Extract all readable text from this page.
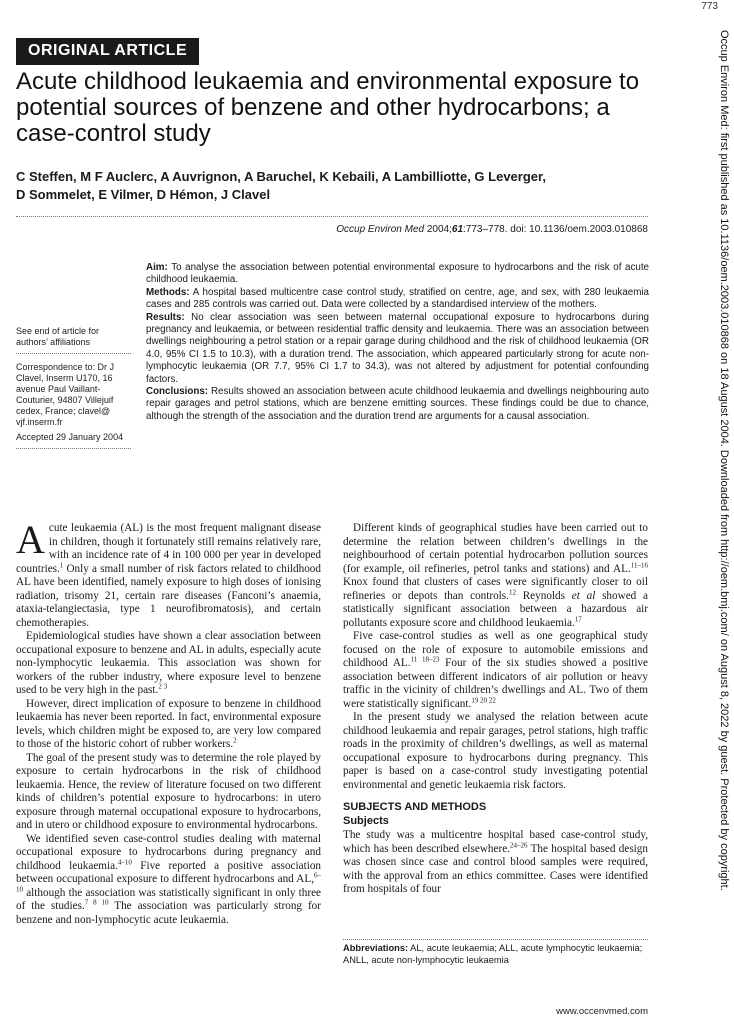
773
ORIGINAL ARTICLE
Acute childhood leukaemia and environmental exposure to potential sources of benzene and other hydrocarbons; a case-control study
C Steffen, M F Auclerc, A Auvrignon, A Baruchel, K Kebaili, A Lambilliotte, G Leverger,
D Sommelet, E Vilmer, D Hémon, J Clavel
Occup Environ Med 2004;61:773–778. doi: 10.1136/oem.2003.010868
See end of article for authors’ affiliations
Correspondence to: Dr J Clavel, Inserm U170, 16 avenue Paul Vaillant-Couturier, 94807 Villejuif cedex, France; clavel@ vjf.inserm.fr
Accepted 29 January 2004

Aim: To analyse the association between potential environmental exposure to hydrocarbons and the risk of acute childhood leukaemia.

Methods: A hospital based multicentre case control study, stratified on centre, age, and sex, with 280 leukaemia cases and 285 controls was carried out. Data were collected by a standardised interview of the mothers.

Results: No clear association was seen between maternal occupational exposure to hydrocarbons during pregnancy and leukaemia, or between residential traffic density and leukaemia. There was an association between dwellings neighbouring a petrol station or a repair garage during childhood and the risk of childhood leukaemia (OR 4.0, 95% CI 1.5 to 10.3), with a duration trend. The association, which appeared particularly strong for acute non-lymphocytic leukaemia (OR 7.7, 95% CI 1.7 to 34.3), was not altered by adjustment for potential confounding factors.

Conclusions: Results showed an association between acute childhood leukaemia and dwellings neighbouring auto repair garages and petrol stations, which are benzene emitting sources. These findings could be due to chance, although the strength of the association and the duration trend are arguments for a causal association.

Acute leukaemia (AL) is the most frequent malignant disease in children, though it fortunately still remains relatively rare, with an incidence rate of 4 in 100 000 per year in developed countries.$^1$ Only a small number of risk factors related to childhood AL have been identified, namely exposure to high doses of ionising radiation, trisomy 21, certain rare diseases (Fanconi’s anaemia, ataxia-telangiectasia, type 1 neurofibromatosis), and certain chemotherapies.

Epidemiological studies have shown a clear association between occupational exposure to benzene and AL in adults, especially acute non-lymphocytic leukaemia. This association was shown for workers of the rubber industry, where exposure level to benzene used to be very high in the past.$^{2 3}$

However, direct implication of exposure to benzene in childhood leukaemia has never been reported. In fact, environmental exposure levels, which children might be exposed to, are very low compared to those of the historic cohort of rubber workers.$^2$

The goal of the present study was to determine the role played by exposure to certain hydrocarbons in the risk of childhood leukaemia. Hence, the review of literature focused on two different kinds of children’s potential exposure to hydrocarbons: in utero exposure through maternal occupational exposure to hydrocarbons, and in utero or childhood exposure to environmental hydrocarbons.

We identified seven case-control studies dealing with maternal occupational exposure to hydrocarbons during pregnancy and childhood leukaemia.$^{4-10}$ Five reported a positive association between occupational exposure to different hydrocarbons and AL,$^{6-10}$ although the association was statistically significant in only three of the studies.$^{7 8 10}$ The association was particularly strong for benzene and non-lymphocytic acute leukaemia.

Different kinds of geographical studies have been carried out to determine the relation between children’s dwellings in the neighbourhood of certain potential hydrocarbon pollution sources (for example, oil refineries, petrol tanks and stations) and AL.$^{11-16}$ Knox found that clusters of cases were significantly closer to oil refineries or depots than controls.$^{12}$ Reynolds et al showed a statistically significant association between a hazardous air pollutants exposure score and childhood leukaemia.$^{17}$

Five case-control studies as well as one geographical study focused on the role of exposure to automobile emissions and childhood AL.$^{11 18-23}$ Four of the six studies showed a positive association between different indicators of air pollution or heavy traffic in the vicinity of children’s dwellings and AL. Two of them were statistically significant.$^{19 20 22}$

In the present study we analysed the relation between acute childhood leukaemia and repair garages, petrol stations, high traffic roads in the proximity of children’s dwellings, as well as maternal occupational exposure to hydrocarbons during pregnancy. This paper is based on a case-control study investigating potential environmental and genetic leukaemia risk factors.

SUBJECTS AND METHODS
Subjects

The study was a multicentre hospital based case-control study, which has been described elsewhere.$^{24-26}$ The hospital based design was chosen since case and control blood samples were required, with the approval from an ethics committee. Cases were identified from hospitals of four

Abbreviations: AL, acute leukaemia; ALL, acute lymphocytic leukaemia; ANLL, acute non-lymphocytic leukaemia
www.occenvmed.com
Occup Environ Med: first published as 10.1136/oem.2003.010868 on 18 August 2004. Downloaded from http://oem.bmj.com/ on August 8, 2022 by guest. Protected by copyright.
